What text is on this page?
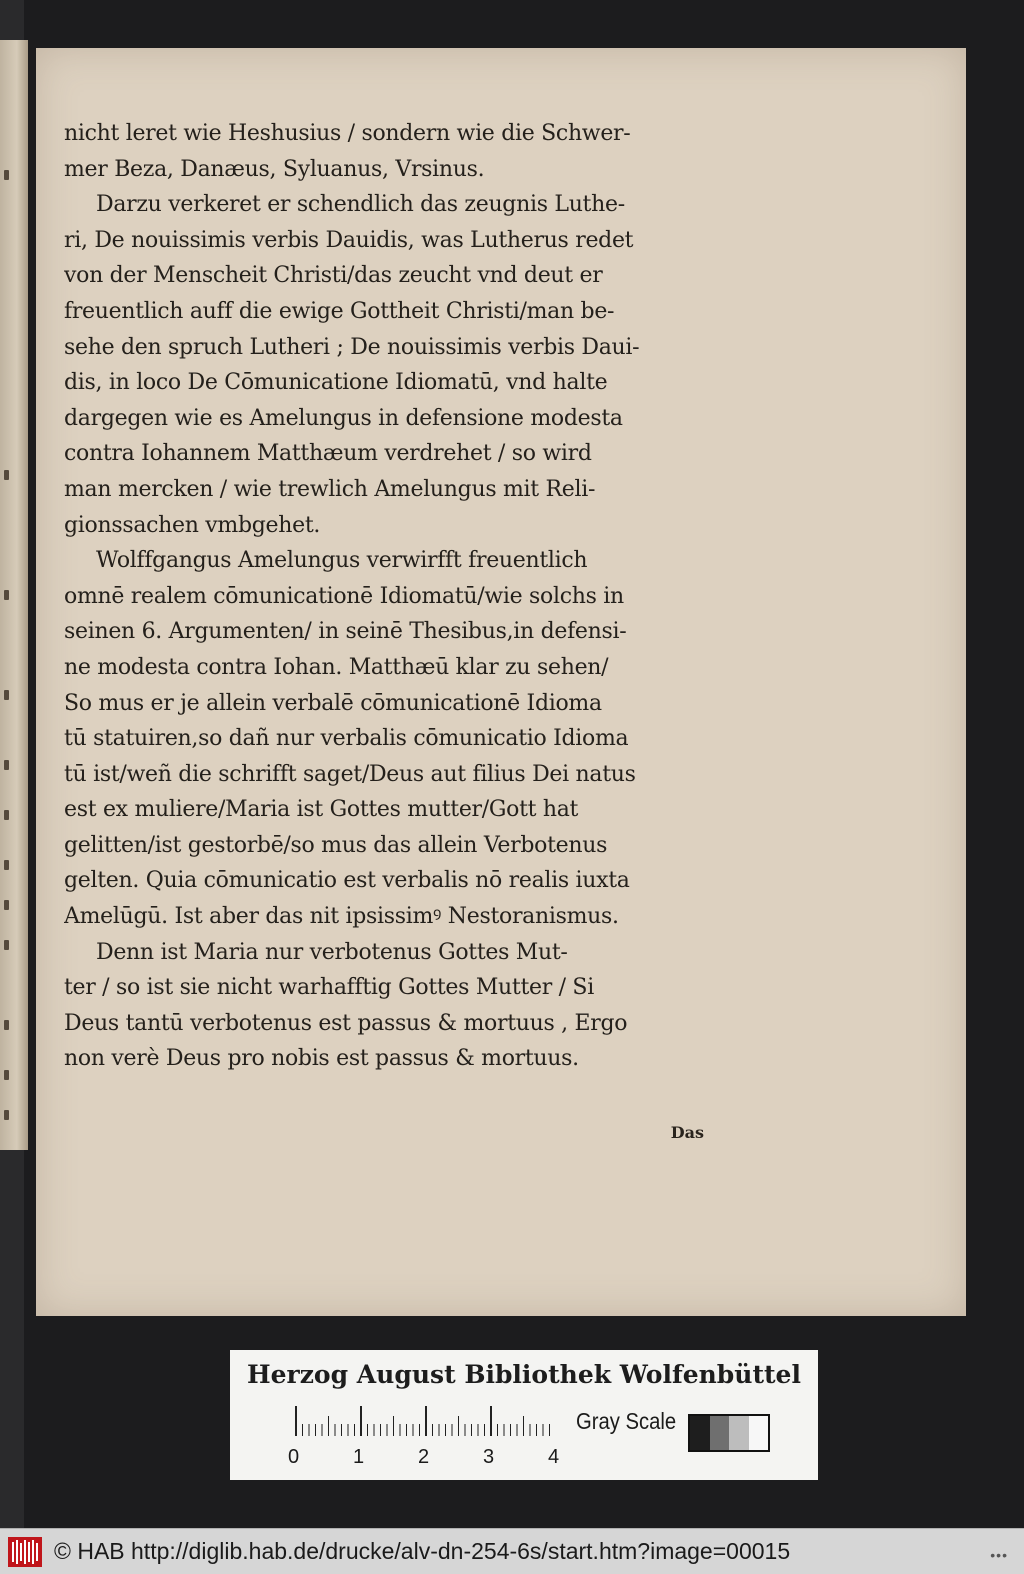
nicht leret wie Heshusius / sondern wie die Schwer-
mer Beza, Danæus, Syluanus, Vrsinus.
Darzu verkeret er schendlich das zeugnis Luthe-
ri, De nouissimis verbis Dauidis, was Lutherus redet
von der Menscheit Christi/das zeucht vnd deut er
freuentlich auff die ewige Gottheit Christi/man be-
sehe den spruch Lutheri ; De nouissimis verbis Daui-
dis, in loco De Cōmunicatione Idiomatū, vnd halte
dargegen wie es Amelungus in defensione modesta
contra Iohannem Matthæum verdrehet / so wird
man mercken / wie trewlich Amelungus mit Reli-
gionssachen vmbgehet.
Wolffgangus Amelungus verwirfft freuentlich
omnē realem cōmunicationē Idiomatū/wie solchs in
seinen 6. Argumenten/ in seinē Thesibus,in defensi-
ne modesta contra Iohan. Matthæū klar zu sehen/
So mus er je allein verbalē cōmunicationē Idioma
tū statuiren,so dañ nur verbalis cōmunicatio Idioma
tū ist/weñ die schrifft saget/Deus aut filius Dei natus
est ex muliere/Maria ist Gottes mutter/Gott hat
gelitten/ist gestorbē/so mus das allein Verbotenus
gelten. Quia cōmunicatio est verbalis nō realis iuxta
Amelūgū. Ist aber das nit ipsissimꝰ Nestoranismus.
Denn ist Maria nur verbotenus Gottes Mut-
ter / so ist sie nicht warhafftig Gottes Mutter / Si
Deus tantū verbotenus est passus & mortuus , Ergo
non verè Deus pro nobis est passus & mortuus.
Das
Herzog August Bibliothek Wolfenbüttel
0	1	2	3	4
Gray Scale
© HAB http://diglib.hab.de/drucke/alv-dn-254-6s/start.htm?image=00015	•••
